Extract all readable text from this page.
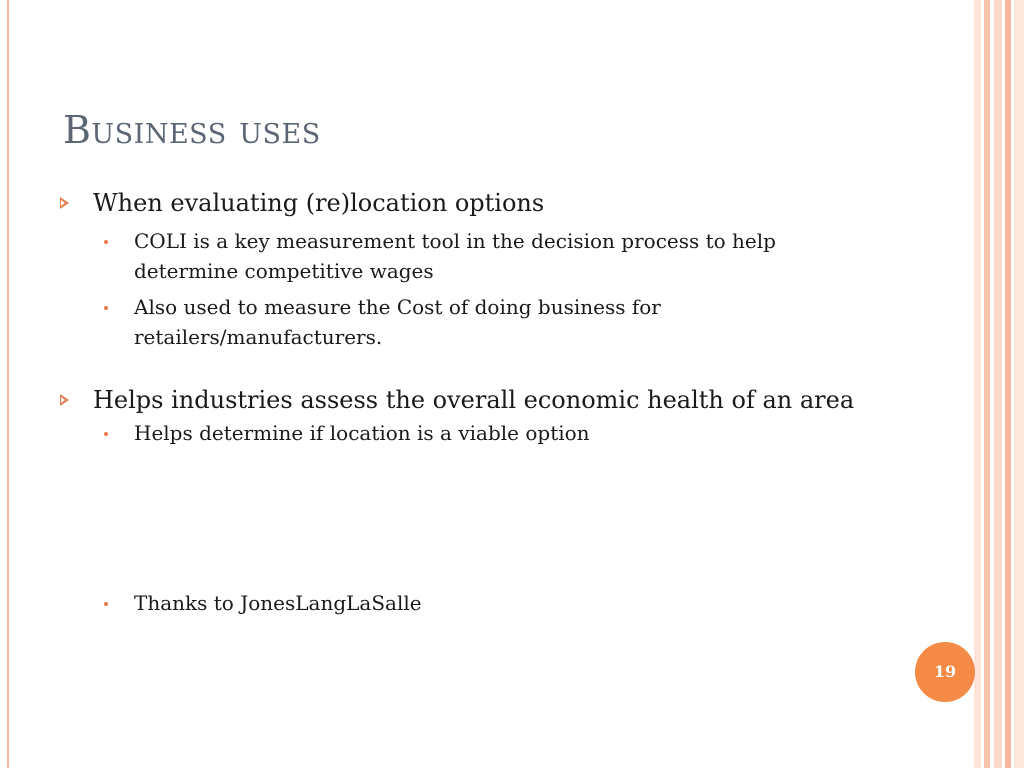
Business uses
When evaluating (re)location options
COLI is a key measurement tool in the decision process to help determine competitive wages
Also used to measure the Cost of doing business for retailers/manufacturers.
Helps industries assess the overall economic health of an area
Helps determine if location is a viable option
Thanks to JonesLangLaSalle
19
